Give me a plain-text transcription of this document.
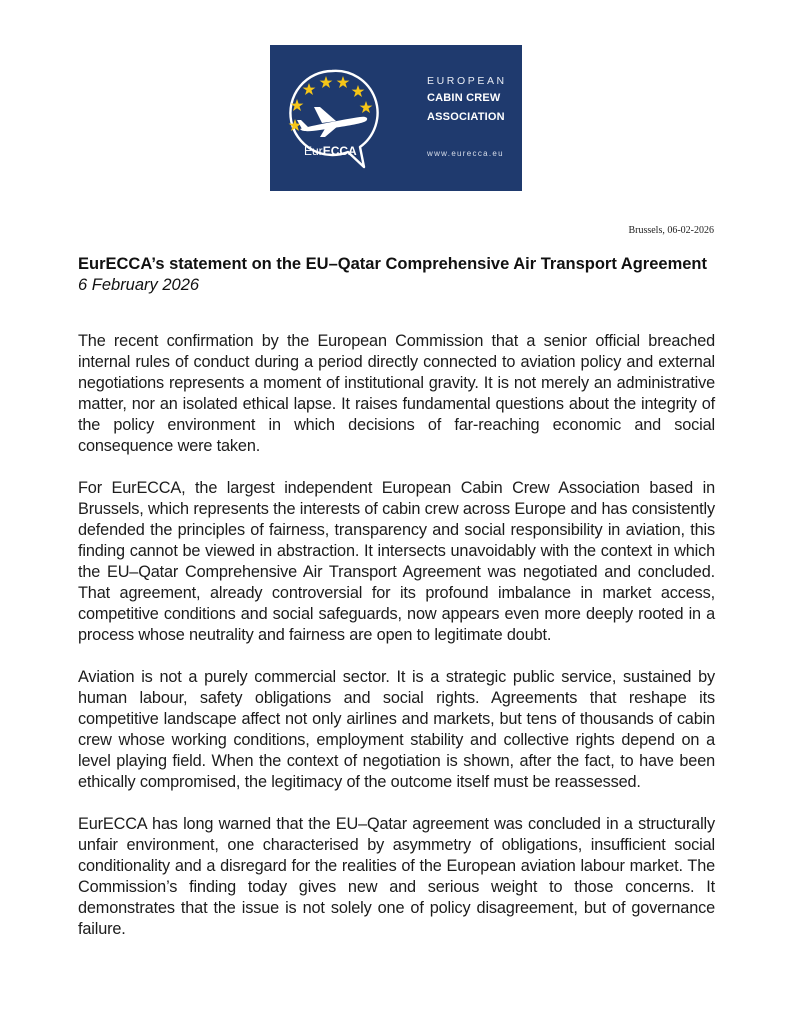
EurECCA
EUROPEAN
CABIN CREW
ASSOCIATION
www.eurecca.eu
Brussels, 06-02-2026
EurECCA’s statement on the EU–Qatar Comprehensive Air Transport Agreement
6 February 2026

The recent confirmation by the European Commission that a senior official breached internal rules of conduct during a period directly connected to aviation policy and external negotiations represents a moment of institutional gravity. It is not merely an administrative matter, nor an isolated ethical lapse. It raises fundamental questions about the integrity of the policy environment in which decisions of far-reaching economic and social consequence were taken.

For EurECCA, the largest independent European Cabin Crew Association based in Brussels, which represents the interests of cabin crew across Europe and has consistently defended the principles of fairness, transparency and social responsibility in aviation, this finding cannot be viewed in abstraction. It intersects unavoidably with the context in which the EU–Qatar Comprehensive Air Transport Agreement was negotiated and concluded. That agreement, already controversial for its profound imbalance in market access, competitive conditions and social safeguards, now appears even more deeply rooted in a process whose neutrality and fairness are open to legitimate doubt.

Aviation is not a purely commercial sector. It is a strategic public service, sustained by human labour, safety obligations and social rights. Agreements that reshape its competitive landscape affect not only airlines and markets, but tens of thousands of cabin crew whose working conditions, employment stability and collective rights depend on a level playing field. When the context of negotiation is shown, after the fact, to have been ethically compromised, the legitimacy of the outcome itself must be reassessed.

EurECCA has long warned that the EU–Qatar agreement was concluded in a structurally unfair environment, one characterised by asymmetry of obligations, insufficient social conditionality and a disregard for the realities of the European aviation labour market. The Commission’s finding today gives new and serious weight to those concerns. It demonstrates that the issue is not solely one of policy disagreement, but of governance failure.
